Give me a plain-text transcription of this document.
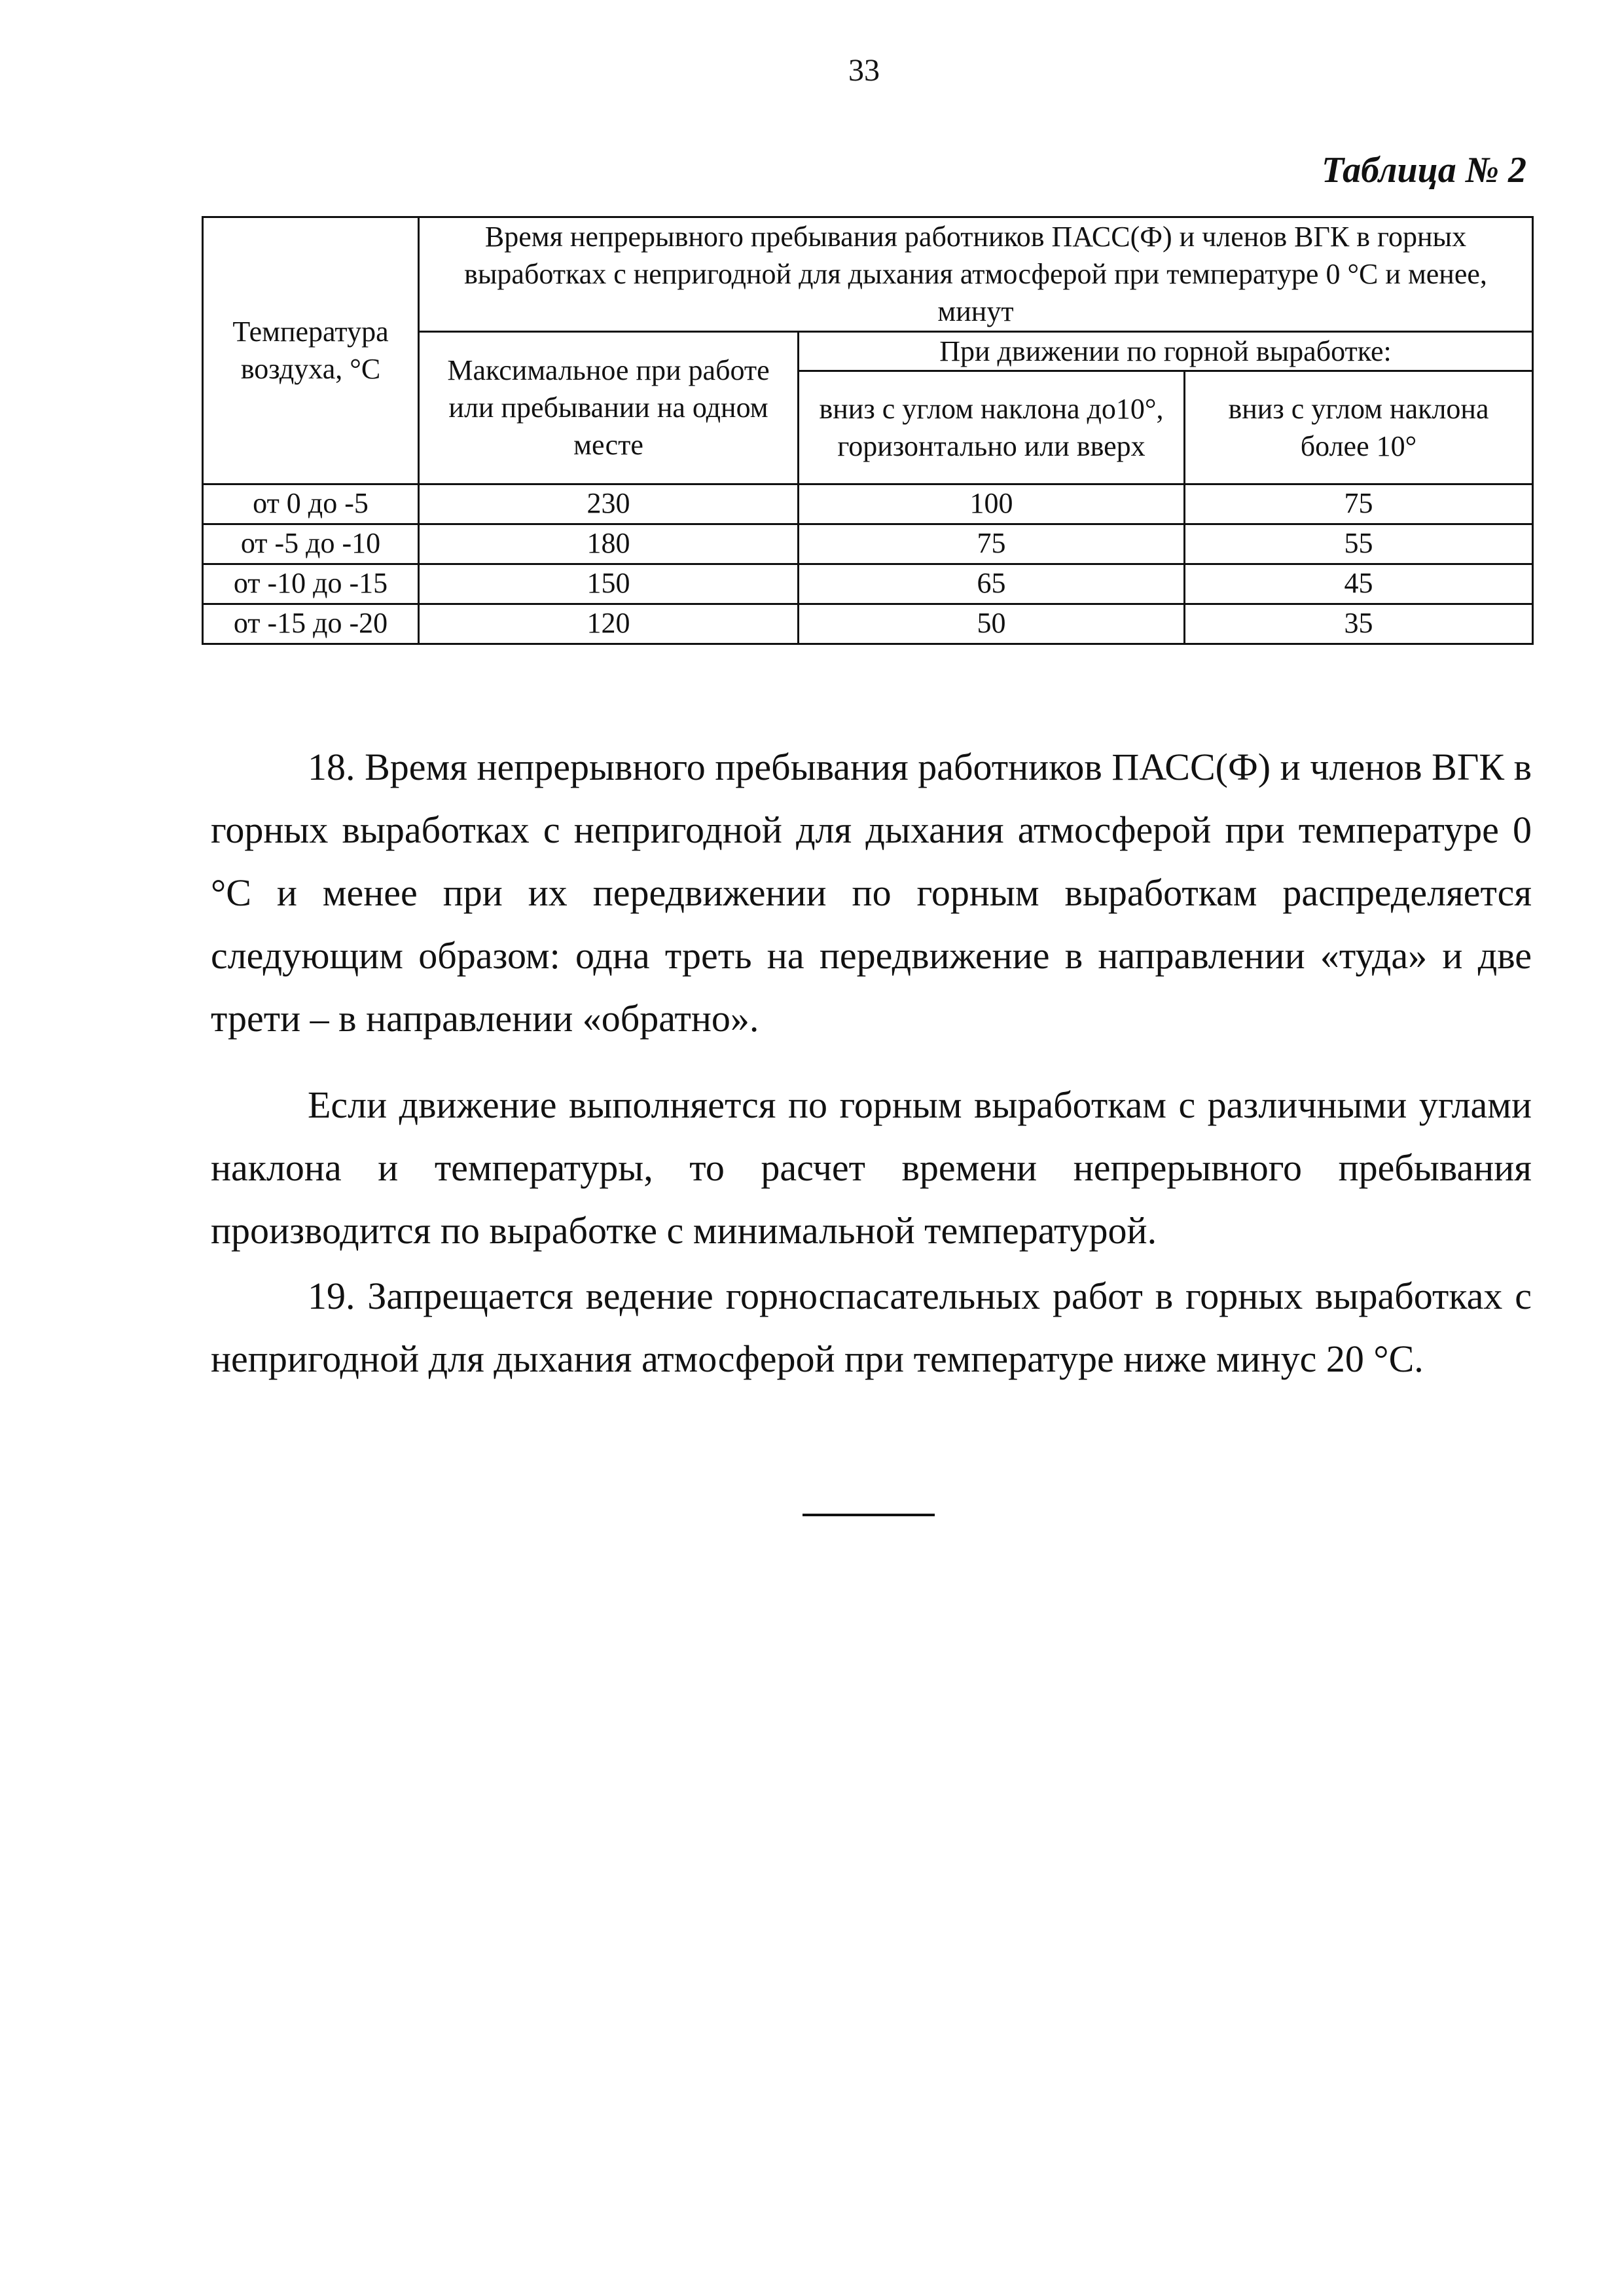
33
Таблица № 2
Температура воздуха, °С	Время непрерывного пребывания работников ПАСС(Ф) и членов ВГК в горных выработках с непригодной для дыхания атмосферой при температуре 0 °С и менее, минут		
	Максимальное при работе или пребывании на одном месте	При движении по горной выработке:	
		вниз с углом наклона до10°, горизонтально или вверх	вниз с углом наклона более 10°
от 0 до -5	230	100	75
от -5 до -10	180	75	55
от -10 до -15	150	65	45
от -15 до -20	120	50	35

18. Время непрерывного пребывания работников ПАСС(Ф) и членов ВГК в горных выработках с непригодной для дыхания атмосферой при температуре 0 °С и менее при их передвижении по горным выработкам распределяется следующим образом: одна треть на передвижение в направлении «туда» и две трети – в направлении «обратно».

Если движение выполняется по горным выработкам с различными углами наклона и температуры, то расчет времени непрерывного пребывания производится по выработке с минимальной температурой.

19. Запрещается ведение горноспасательных работ в горных выработках с непригодной для дыхания атмосферой при температуре ниже минус 20 °С.
